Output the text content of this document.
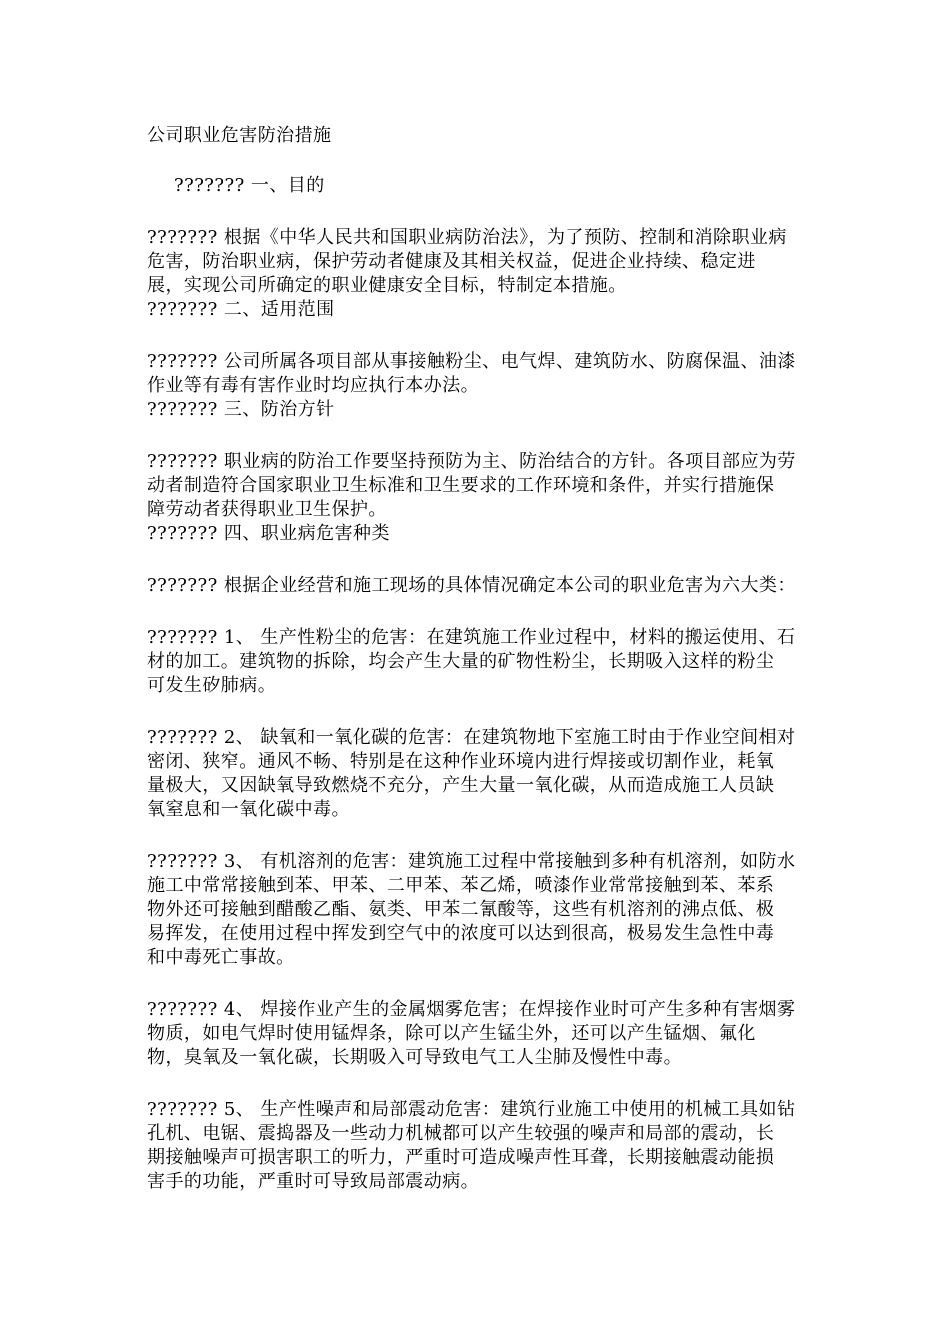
公司职业危害防治措施
??????? 一、目的
??????? 根据《中华人民共和国职业病防治法》，为了预防、控制和消除职业病
危害，防治职业病，保护劳动者健康及其相关权益，促进企业持续、稳定进
展，实现公司所确定的职业健康安全目标，特制定本措施。
??????? 二、适用范围
??????? 公司所属各项目部从事接触粉尘、电气焊、建筑防水、防腐保温、油漆
作业等有毒有害作业时均应执行本办法。
??????? 三、防治方针
??????? 职业病的防治工作要坚持预防为主、防治结合的方针。各项目部应为劳
动者制造符合国家职业卫生标准和卫生要求的工作环境和条件，并实行措施保
障劳动者获得职业卫生保护。
??????? 四、职业病危害种类
??????? 根据企业经营和施工现场的具体情况确定本公司的职业危害为六大类：
??????? 1、 生产性粉尘的危害：在建筑施工作业过程中，材料的搬运使用、石
材的加工。建筑物的拆除，均会产生大量的矿物性粉尘，长期吸入这样的粉尘
可发生矽肺病。
??????? 2、 缺氧和一氧化碳的危害：在建筑物地下室施工时由于作业空间相对
密闭、狭窄。通风不畅、特别是在这种作业环境内进行焊接或切割作业，耗氧
量极大，又因缺氧导致燃烧不充分，产生大量一氧化碳，从而造成施工人员缺
氧窒息和一氧化碳中毒。
??????? 3、 有机溶剂的危害：建筑施工过程中常接触到多种有机溶剂，如防水
施工中常常接触到苯、甲苯、二甲苯、苯乙烯，喷漆作业常常接触到苯、苯系
物外还可接触到醋酸乙酯、氨类、甲苯二氰酸等，这些有机溶剂的沸点低、极
易挥发，在使用过程中挥发到空气中的浓度可以达到很高，极易发生急性中毒
和中毒死亡事故。
??????? 4、 焊接作业产生的金属烟雾危害；在焊接作业时可产生多种有害烟雾
物质，如电气焊时使用锰焊条，除可以产生锰尘外，还可以产生锰烟、氟化
物，臭氧及一氧化碳，长期吸入可导致电气工人尘肺及慢性中毒。
??????? 5、 生产性噪声和局部震动危害：建筑行业施工中使用的机械工具如钻
孔机、电锯、震捣器及一些动力机械都可以产生较强的噪声和局部的震动，长
期接触噪声可损害职工的听力，严重时可造成噪声性耳聋，长期接触震动能损
害手的功能，严重时可导致局部震动病。
